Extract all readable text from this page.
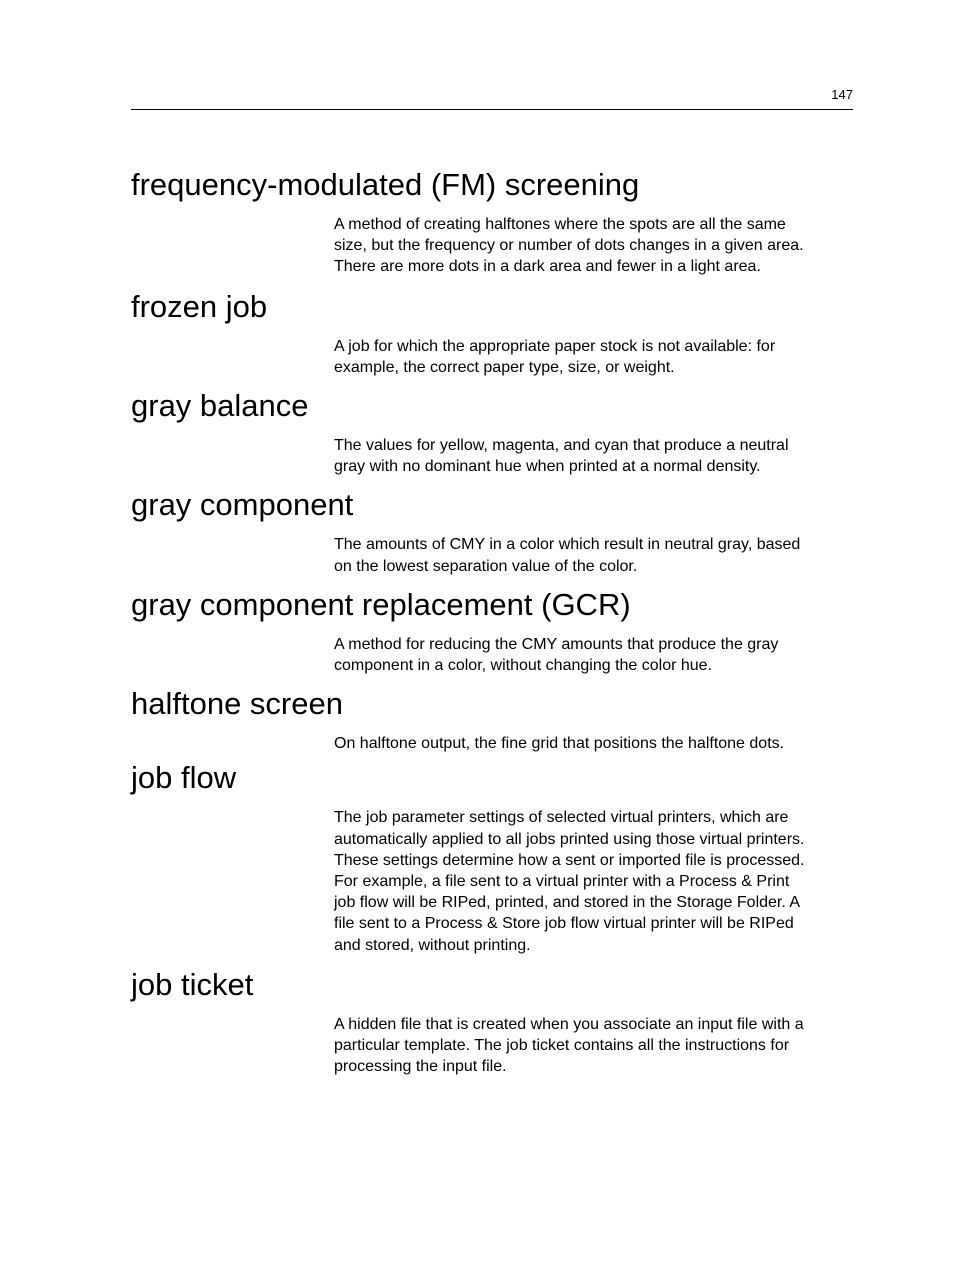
147
frequency-modulated (FM) screening
A method of creating halftones where the spots are all the same
size, but the frequency or number of dots changes in a given area.
There are more dots in a dark area and fewer in a light area.
frozen job
A job for which the appropriate paper stock is not available: for
example, the correct paper type, size, or weight.
gray balance
The values for yellow, magenta, and cyan that produce a neutral
gray with no dominant hue when printed at a normal density.
gray component
The amounts of CMY in a color which result in neutral gray, based
on the lowest separation value of the color.
gray component replacement (GCR)
A method for reducing the CMY amounts that produce the gray
component in a color, without changing the color hue.
halftone screen
On halftone output, the fine grid that positions the halftone dots.
job flow
The job parameter settings of selected virtual printers, which are
automatically applied to all jobs printed using those virtual printers.
These settings determine how a sent or imported file is processed.
For example, a file sent to a virtual printer with a Process & Print
job flow will be RIPed, printed, and stored in the Storage Folder. A
file sent to a Process & Store job flow virtual printer will be RIPed
and stored, without printing.
job ticket
A hidden file that is created when you associate an input file with a
particular template. The job ticket contains all the instructions for
processing the input file.
